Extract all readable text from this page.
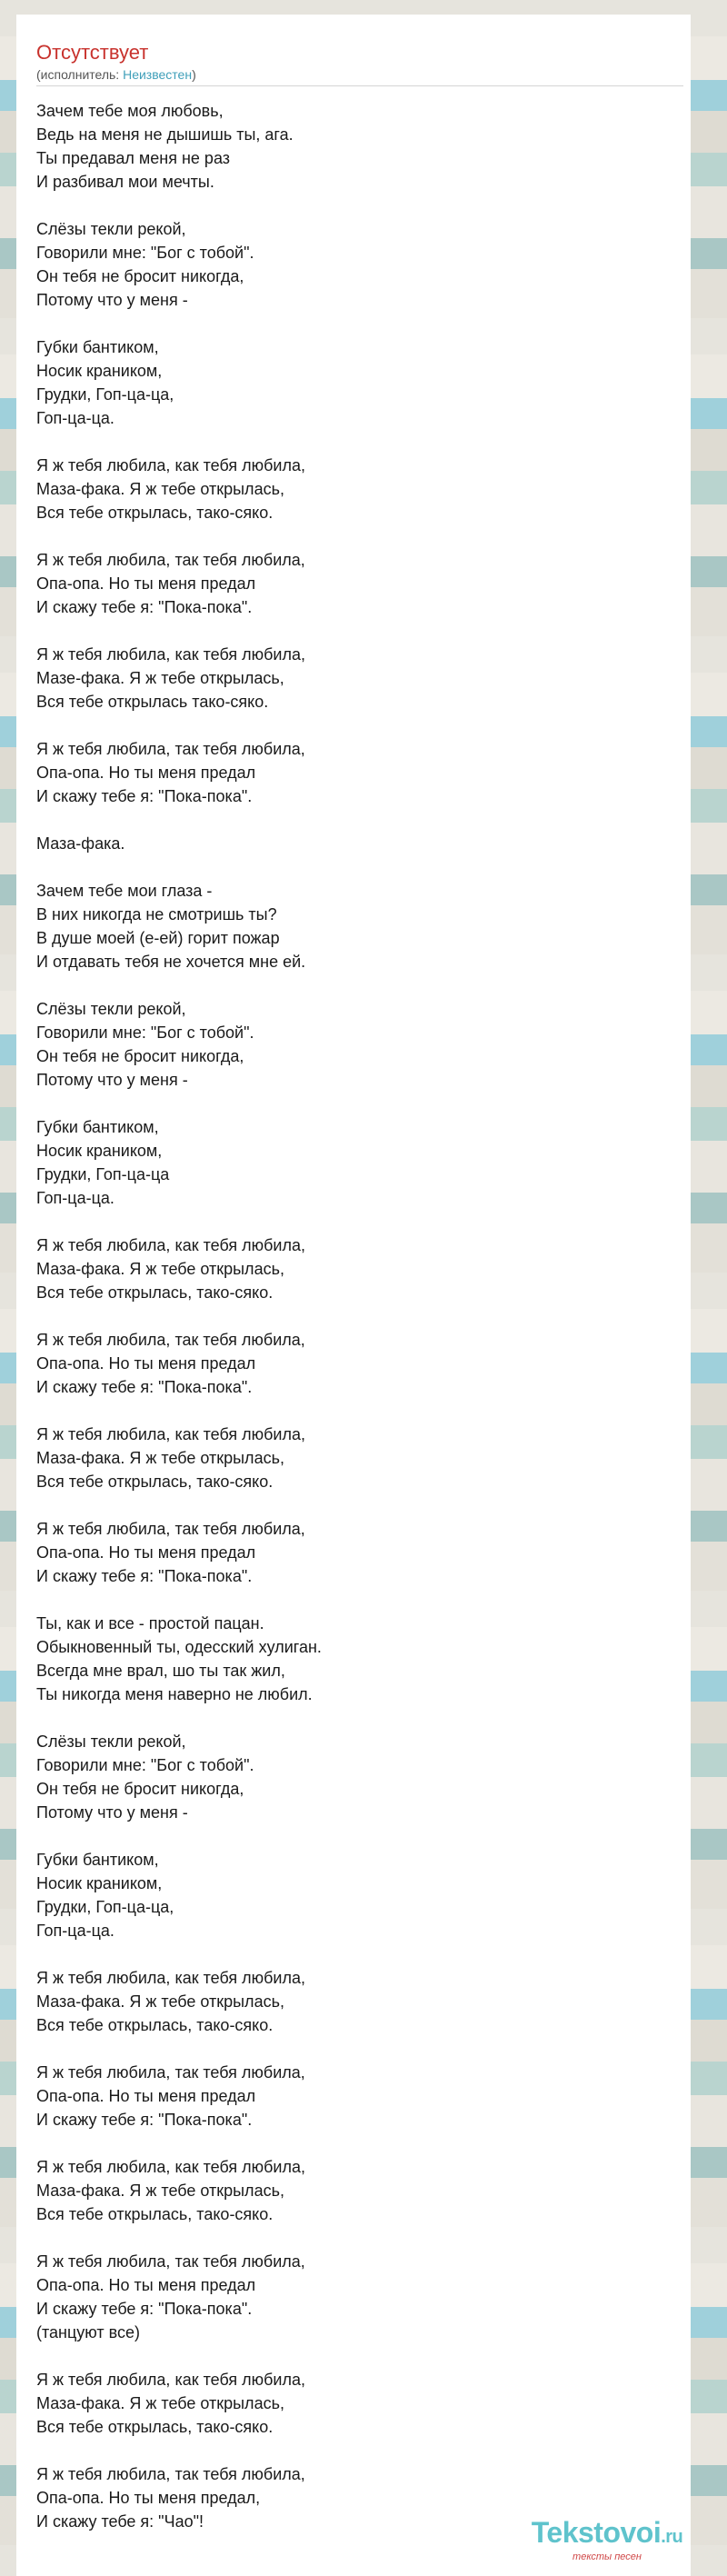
Отсутствует
(исполнитель: Неизвестен)
Зачем тебе моя любовь,
Ведь на меня не дышишь ты, ага.
Ты предавал меня не раз
И разбивал мои мечты.

Слёзы текли рекой,
Говорили мне: "Бог с тобой".
Он тебя не бросит никогда,
Потому что у меня -

Губки бантиком,
Носик краником,
Грудки, Гоп-ца-ца,
Гоп-ца-ца.

Я ж тебя любила, как тебя любила,
Маза-фака. Я ж тебе открылась,
Вся тебе открылась, тако-сяко.

Я ж тебя любила, так тебя любила,
Опа-опа. Но ты меня предал
И скажу тебе я: "Пока-пока".

Я ж тебя любила, как тебя любила,
Мазе-фака. Я ж тебе открылась,
Вся тебе открылась тако-сяко.

Я ж тебя любила, так тебя любила,
Опа-опа. Но ты меня предал
И скажу тебе я: "Пока-пока".

Маза-фака.

Зачем тебе мои глаза -
В них никогда не смотришь ты?
В душе моей (е-ей) горит пожар
И отдавать тебя не хочется мне ей.

Слёзы текли рекой,
Говорили мне: "Бог с тобой".
Он тебя не бросит никогда,
Потому что у меня -

Губки бантиком,
Носик краником,
Грудки, Гоп-ца-ца
Гоп-ца-ца.

Я ж тебя любила, как тебя любила,
Маза-фака. Я ж тебе открылась,
Вся тебе открылась, тако-сяко.

Я ж тебя любила, так тебя любила,
Опа-опа. Но ты меня предал
И скажу тебе я: "Пока-пока".

Я ж тебя любила, как тебя любила,
Маза-фака. Я ж тебе открылась,
Вся тебе открылась, тако-сяко.

Я ж тебя любила, так тебя любила,
Опа-опа. Но ты меня предал
И скажу тебе я: "Пока-пока".

Ты, как и все - простой пацан.
Обыкновенный ты, одесский хулиган.
Всегда мне врал, шо ты так жил,
Ты никогда меня наверно не любил.

Слёзы текли рекой,
Говорили мне: "Бог с тобой".
Он тебя не бросит никогда,
Потому что у меня -

Губки бантиком,
Носик краником,
Грудки, Гоп-ца-ца,
Гоп-ца-ца.

Я ж тебя любила, как тебя любила,
Маза-фака. Я ж тебе открылась,
Вся тебе открылась, тако-сяко.

Я ж тебя любила, так тебя любила,
Опа-опа. Но ты меня предал
И скажу тебе я: "Пока-пока".

Я ж тебя любила, как тебя любила,
Маза-фака. Я ж тебе открылась,
Вся тебе открылась, тако-сяко.

Я ж тебя любила, так тебя любила,
Опа-опа. Но ты меня предал
И скажу тебе я: "Пока-пока".
(танцуют все)

Я ж тебя любила, как тебя любила,
Маза-фака. Я ж тебе открылась,
Вся тебе открылась, тако-сяко.

Я ж тебя любила, так тебя любила,
Опа-опа. Но ты меня предал,
И скажу тебе я: "Чао"!	Tekstovoi.ru
тексты песен
